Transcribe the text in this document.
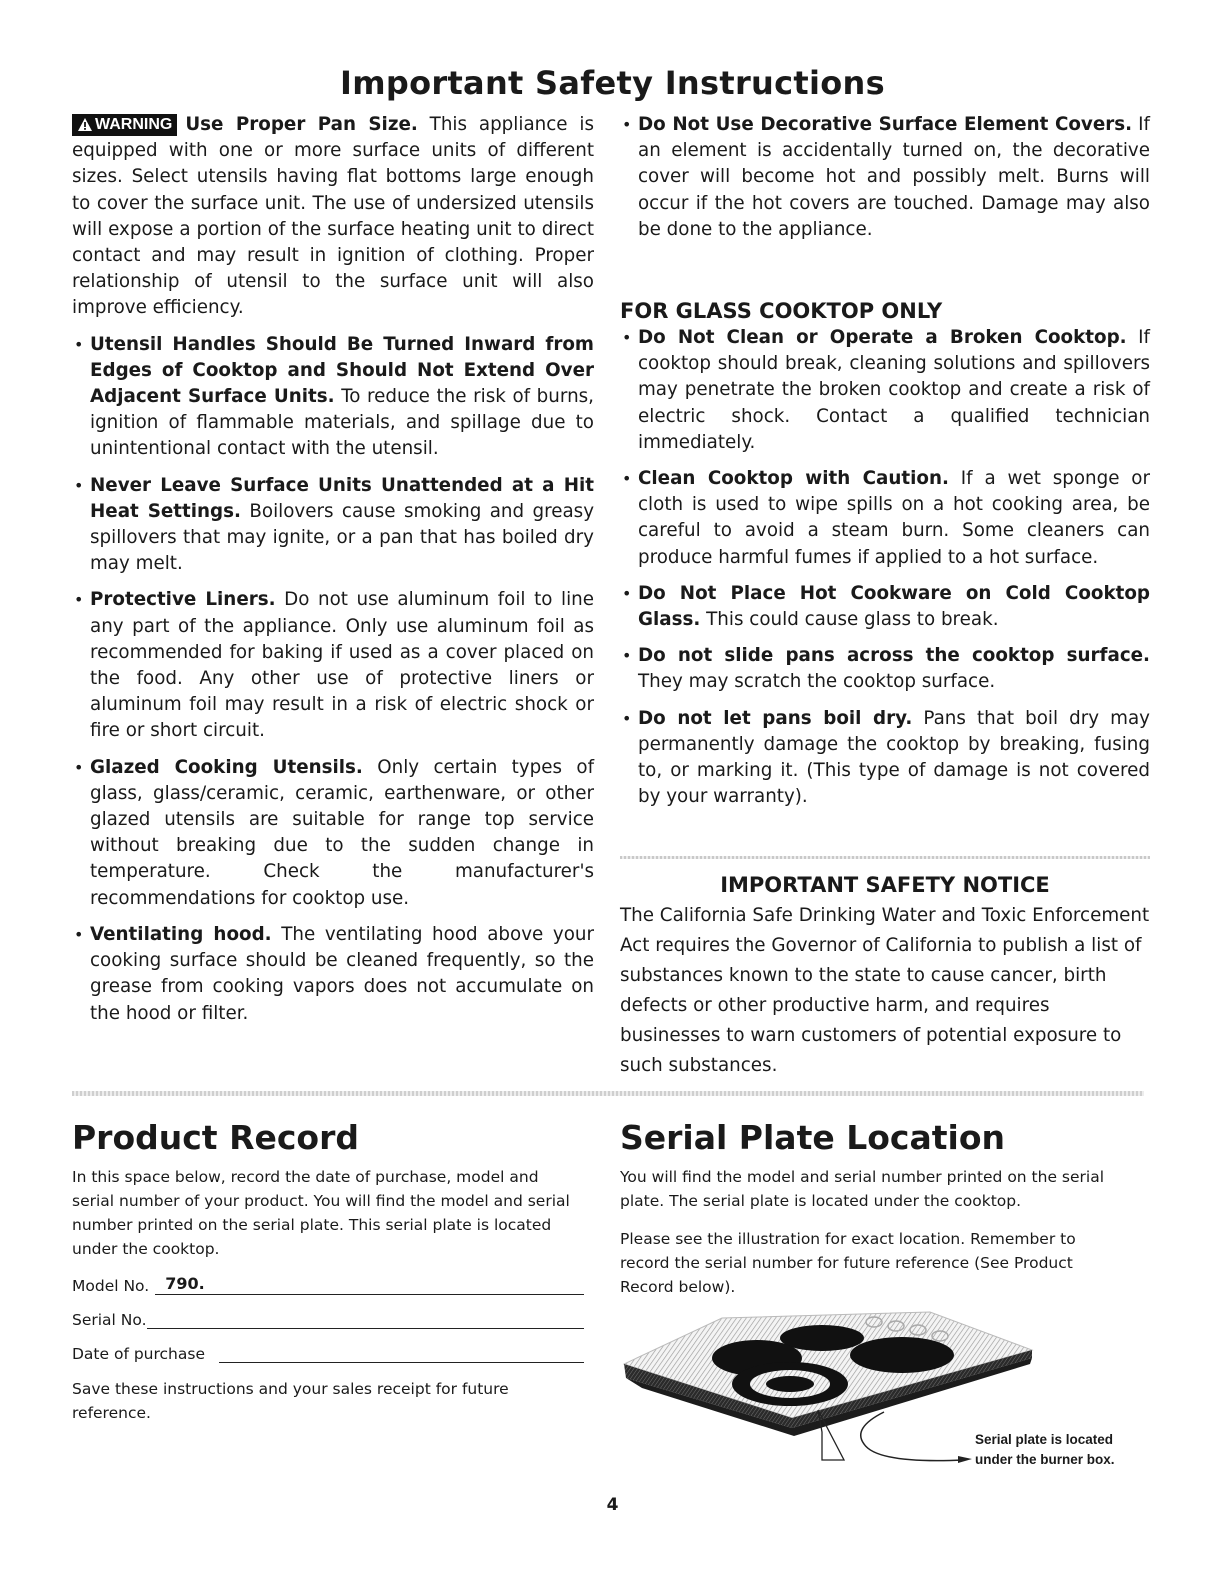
Important Safety Instructions

WARNING Use Proper Pan Size. This appliance is equipped with one or more surface units of different sizes. Select utensils having flat bottoms large enough to cover the surface unit. The use of undersized utensils will expose a portion of the surface heating unit to direct contact and may result in ignition of clothing. Proper relationship of utensil to the surface unit will also improve efficiency.

• Utensil Handles Should Be Turned Inward from Edges of Cooktop and Should Not Extend Over Adjacent Surface Units. To reduce the risk of burns, ignition of flammable materials, and spillage due to unintentional contact with the utensil.
• Never Leave Surface Units Unattended at a Hit Heat Settings. Boilovers cause smoking and greasy spillovers that may ignite, or a pan that has boiled dry may melt.
• Protective Liners. Do not use aluminum foil to line any part of the appliance. Only use aluminum foil as recommended for baking if used as a cover placed on the food. Any other use of protective liners or aluminum foil may result in a risk of electric shock or fire or short circuit.
• Glazed Cooking Utensils. Only certain types of glass, glass/ceramic, ceramic, earthenware, or other glazed utensils are suitable for range top service without breaking due to the sudden change in temperature. Check the manufacturer's recommendations for cooktop use.
• Ventilating hood. The ventilating hood above your cooking surface should be cleaned frequently, so the grease from cooking vapors does not accumulate on the hood or filter.
• Do Not Use Decorative Surface Element Covers. If an element is accidentally turned on, the decorative cover will become hot and possibly melt. Burns will occur if the hot covers are touched. Damage may also be done to the appliance.
FOR GLASS COOKTOP ONLY
• Do Not Clean or Operate a Broken Cooktop. If cooktop should break, cleaning solutions and spillovers may penetrate the broken cooktop and create a risk of electric shock. Contact a qualified technician immediately.
• Clean Cooktop with Caution. If a wet sponge or cloth is used to wipe spills on a hot cooking area, be careful to avoid a steam burn. Some cleaners can produce harmful fumes if applied to a hot surface.
• Do Not Place Hot Cookware on Cold Cooktop Glass. This could cause glass to break.
• Do not slide pans across the cooktop surface. They may scratch the cooktop surface.
• Do not let pans boil dry. Pans that boil dry may permanently damage the cooktop by breaking, fusing to, or marking it. (This type of damage is not covered by your warranty).
IMPORTANT SAFETY NOTICE

The California Safe Drinking Water and Toxic Enforcement Act requires the Governor of California to publish a list of substances known to the state to cause cancer, birth defects or other productive harm, and requires businesses to warn customers of potential exposure to such substances.

Product Record

In this space below, record the date of purchase, model and serial number of your product. You will find the model and serial number printed on the serial plate. This serial plate is located under the cooktop.

Model No. 790.
Serial No.
Date of purchase

Save these instructions and your sales receipt for future reference.

Serial Plate Location

You will find the model and serial number printed on the serial plate. The serial plate is located under the cooktop.

Please see the illustration for exact location. Remember to record the serial number for future reference (See Product Record below).

Serial plate is located
under the burner box.
4
